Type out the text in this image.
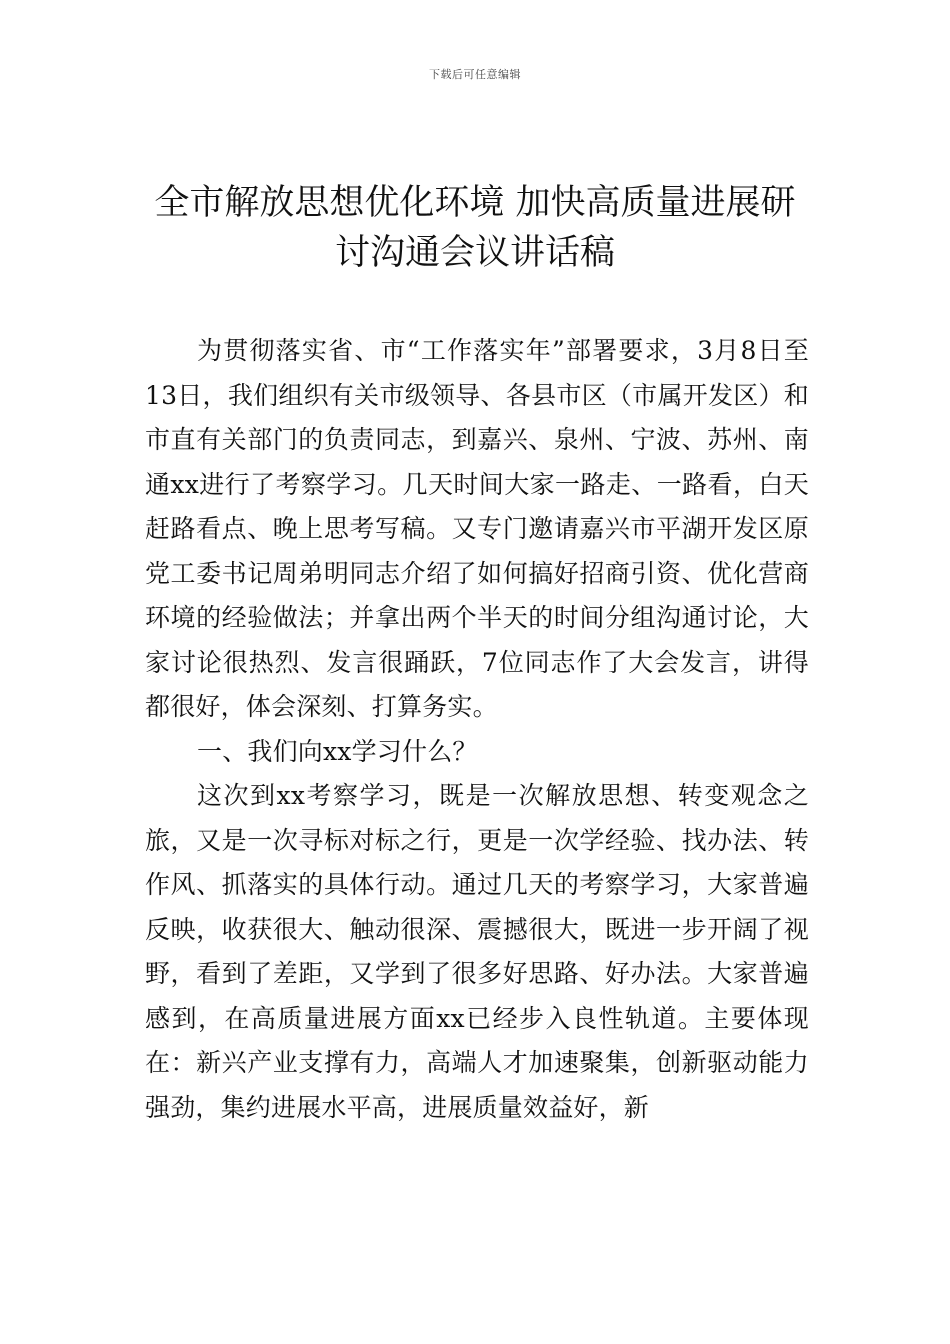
下载后可任意编辑
全市解放思想优化环境 加快高质量进展研
讨沟通会议讲话稿

为贯彻落实省、市“工作落实年”部署要求，3月8日至13日，我们组织有关市级领导、各县市区（市属开发区）和市直有关部门的负责同志，到嘉兴、泉州、宁波、苏州、南通xx进行了考察学习。几天时间大家一路走、一路看，白天赶路看点、晚上思考写稿。又专门邀请嘉兴市平湖开发区原党工委书记周弟明同志介绍了如何搞好招商引资、优化营商环境的经验做法；并拿出两个半天的时间分组沟通讨论，大家讨论很热烈、发言很踊跃，7位同志作了大会发言，讲得都很好，体会深刻、打算务实。

一、我们向xx学习什么？

这次到xx考察学习，既是一次解放思想、转变观念之旅，又是一次寻标对标之行，更是一次学经验、找办法、转作风、抓落实的具体行动。通过几天的考察学习，大家普遍反映，收获很大、触动很深、震撼很大，既进一步开阔了视野，看到了差距，又学到了很多好思路、好办法。大家普遍感到，在高质量进展方面xx已经步入良性轨道。主要体现在：新兴产业支撑有力，高端人才加速聚集，创新驱动能力强劲，集约进展水平高，进展质量效益好，新
